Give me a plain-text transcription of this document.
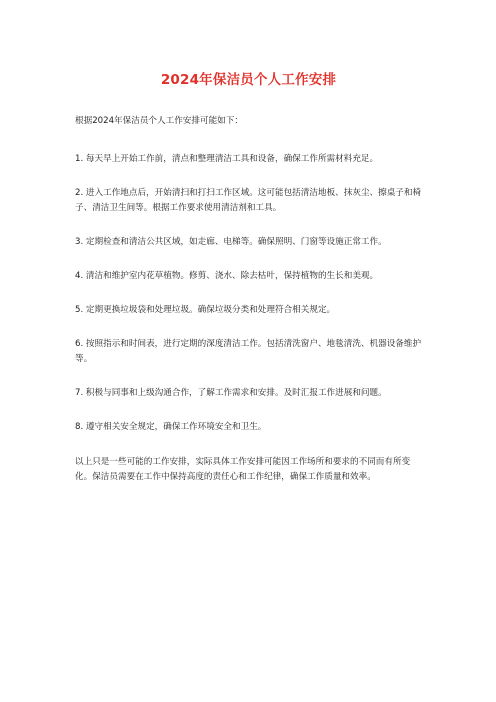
2024年保洁员个人工作安排

根据2024年保洁员个人工作安排可能如下：

1. 每天早上开始工作前，清点和整理清洁工具和设备，确保工作所需材料充足。

2. 进入工作地点后，开始清扫和打扫工作区域。这可能包括清洁地板、抹灰尘、擦桌子和椅子、清洁卫生间等。根据工作要求使用清洁剂和工具。

3. 定期检查和清洁公共区域，如走廊、电梯等。确保照明、门窗等设施正常工作。

4. 清洁和维护室内花草植物。修剪、浇水、除去枯叶，保持植物的生长和美观。

5. 定期更换垃圾袋和处理垃圾。确保垃圾分类和处理符合相关规定。

6. 按照指示和时间表，进行定期的深度清洁工作。包括清洗窗户、地毯清洗、机器设备维护等。

7. 积极与同事和上级沟通合作，了解工作需求和安排。及时汇报工作进展和问题。

8. 遵守相关安全规定，确保工作环境安全和卫生。

以上只是一些可能的工作安排，实际具体工作安排可能因工作场所和要求的不同而有所变化。保洁员需要在工作中保持高度的责任心和工作纪律，确保工作质量和效率。
